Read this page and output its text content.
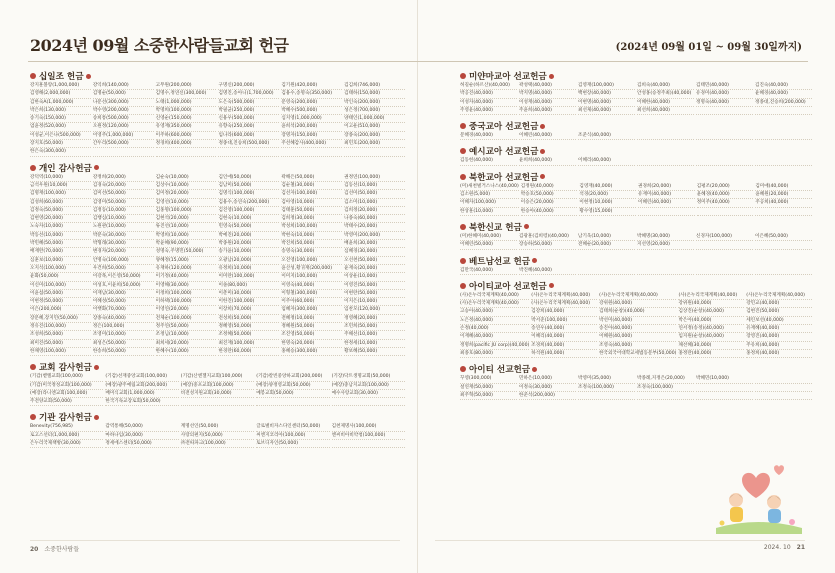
2024년 09월 소중한사람들교회 헌금	(2024년 09월 01일 ~ 09월 30일까지)
십일조 헌금
강지훈볼랑(1,000,000)	강익희(140,000)	고무원(200,000)	구명신(200,000)	김기원(420,000)	김김희(746,000)
김영해(2,000,000)	김명순(50,000)	김명수,정연신(300,000)	김명진,송아니(1,700,000)	김용수,송명숙(350,000)	김태하(150,000)
김한숙A(1,000,000)	나문선(300,000)	노태(1,000,000)	도은숙(500,000)	문영숙(200,000)	박인숙(200,000)
박은희(130,000)	박수영(200,000)	박명희(100,000)	박필균(250,000)	박혜수(500,000)	성은정(700,000)
송기숙(150,000)	송희통(500,000)	신영순(150,000)	신용우(500,000)	심지영(1,000,000)	양태인(1,000,000)
엄윤정(520,000)	오원정(120,000)	유영재(350,000)	유향숙(250,000)	윤희석(200,000)	이고운(510,000)
이성균,이은나(500,000)	이영주(1,000,000)	이주하(600,000)	임나라(600,000)	장명자(150,000)	장종숙(200,000)
장지호(50,000)	간두리(500,000)	정경희(400,000)	정종대,진승희(500,000)	주선혜감사(400,000)	최민호(200,000)
한은숙(300,000)
개인 감사헌금
강덕역(10,000)	강정희(20,000)	김순숙(10,000)	김인애(50,000)	곽해은(50,000)	권정연(100,000)
금석우원(10,000)	김경숙(20,000)	김상수(10,000)	김남미(50,000)	김순철(30,000)	김동선(10,000)
김명재(100,000)	김미선(50,000)	김미정(20,000)	김명식(100,000)	김선자(100,000)	김선미(50,000)
김성희(60,000)	김영미(50,000)	김영선(10,000)	김용수,송연숙(200,000)	김아영(10,000)	김소미(10,000)
김정숙(50,000)	김정동(10,000)	김홍명(100,000)	김진영(100,000)	김태훈(50,000)	김희정(20,000)
김현영(20,000)	김행심(10,000)	김현석(20,000)	김현숙(10,000)	김희정(30,000)	나종숙(60,000)
노숙자(10,000)	노원관(10,000)	류진선(10,000)	민영숙(50,000)	박성희(100,000)	박태수(20,000)
박동선(10,000)	박분숙(30,000)	박영희(10,000)	박예진(20,000)	박현숙(10,000)	박영미(200,000)
박민혜(50,000)	박형래(30,000)	박윤혜(90,000)	박종원(20,000)	박진희(50,000)	배윤희(30,000)
배재완(70,000)	변경자(20,000)	성명숙,주명민(50,000)	송가윤(10,000)	송명숙(30,000)	심혜경(30,000)
심훈보(10,000)	안명숙(100,000)	양혜정(15,000)	오광남(20,000)	오진영(100,000)	오선천(50,000)
오지석(100,000)	우건희(50,000)	유재하(120,000)	유정희(10,000)	윤산성,황귀재(200,000)	윤재숙(20,000)
윤화(50,000)	이강목,이은영(50,000)	이기정(40,000)	이미란(100,000)	이미지(100,000)	이상운(10,000)
이신미(100,000)	이성호,이윤희(50,000)	이영해(30,000)	이솔(80,000)	이영숙(40,000)	이영진(50,000)
이윤섭(50,000)	이재남(30,000)	이정희(100,000)	이춘미(30,000)	이형철(300,000)	이현란(50,000)
이현정(50,000)	이혜성(50,000)	이하택(100,000)	이한진(100,000)	이주아(60,000)	이지은(10,000)
이은(200,000)	이햇화(70,000)	이영연(20,000)	이장희(70,000)	임혜자(300,000)	임찬모(120,000)
장문혜,장지민(50,000)	장종숙(40,000)	전제순(100,000)	전성희(50,000)	전혜정(10,000)	정영혜(20,000)
정유진(100,000)	정은(100,000)	정주연(50,000)	정혜영(50,000)	정혜원(50,000)	조민희(50,000)
조성희(50,000)	조영미(10,000)	조정님(10,000)	조정혜(50,000)	조진영(50,000)	주해선(10,000)
최미진(50,000)	최성은(50,000)	최희세(20,000)	최진재(100,000)	한명숙(20,000)	한정세(10,000)
한채영(100,000)	한송희(50,000)	한혜수(10,000)	한경란(60,000)	홍혜승(300,000)	황보혜(50,000)
교회 감사헌금
(기감)벧엘교회(100,000)	(기감)선재중앙교회(100,000)	(기감)산엔젤지교회(100,000)	(기감)칼빈중앙하교회(200,000)	(기장)닥트생명교회(50,000)
(기감)미국정성교회(100,000)	(예장)광주예림교회(200,000)	(예장)중포교회(100,000)	(예장)양정영교회(50,000)	(예장)충남지교회(100,000)
(예장)라니엔교회(100,000)	배미식교회(1,000,000)	비전성지원교회(30,000)	예봉교회(50,000)	예수사랑교회(30,000)
주전양교회(50,000)	한국기독교장로회(50,000)
기관 감사헌금
Benevity(756,985)	감역통해(50,000)	계명선인(50,000)	글로벌비자스다인센터(50,000)	김천제명사(100,000)
로고스선터(1,000,000)	마하나임(30,000)	사랑의편지(50,000)	씨엔지코리아(100,000)	엔씨비아비약청(100,000)
은누리국제책방(30,000)	정세에스센터(50,000)	㈜전따파크(100,000)	토브디자인(50,000)
미얀마교아 선교헌금
허길순(하르산)(40,000)	곽성택(40,000)	김영재(100,000)	김희숙(40,000)	김태민(40,000)	김진숙(40,000)
박공진(40,000)	박지명(40,000)	백현장(40,000)	안성홍(승정주최)(40,000)	유경미(40,000)	윤혜경(40,000)
이성자(40,000)	이성재(40,000)	이현명(40,000)	이혜한(40,000)	정명숙(40,000)	정종대,진승희(200,000)
주영윤(40,000)	주윤희(40,000)	최선제(40,000)	최선희(40,000)
중국교아 선교헌금
문혜경(40,000)	이혜린(40,000)	조준식(40,000)
예시교아 선교헌금
김동헌(40,000)	윤희희(40,000)	이혜리(40,000)
북한교아 선교헌금
(미)새천벌거스나스(40,000) 김정원(40,000)	김영재(40,000)	권경희(20,000)	김평조(20,000)	김미애(40,000)
김소원(5,000)	박승호(50,000)	석경(20,000)	유재미(40,000)	윤혜경(40,000)	윤혜원(20,000)
이혜자(100,000)	이승은(20,000)	이현정(10,000)	이혜린(40,000)	정미주(40,000)	주공희(40,000)
한상훈(10,000)	한승아(40,000)	황수영(15,000)
북한신교 헌금
(미)한혜미(40,000)	김광훈(김희령)(40,000)	남기욱(10,000)	박혜명(30,000)	신경자(100,000)	이은혜(50,000)
이혜린(50,000)	장승하(50,000)	전혜순(20,000)	지선영(20,000)
베트남선교 헌금
김만국(40,000)	박진혜(40,000)
아이티교아 선교헌금
(사)온누리국제계획(40,000)	(사)온누리국제계획(40,000)	(사)온누리국제계획(40,000)	(사)온누리국제계획(40,000)	(사)온누리국제계획(40,000)
(사)온누리국제계획(40,000)	(사)온누리국제계획(40,000)	강위원(40,000)	강위원(40,000)	강민교(40,000)
고승아(40,000)	김강희(40,000)	김태희(순창)(40,000)	김상진(순창)(40,000)	김현진(50,000)
노은정(40,000)	박서준(100,000)	박선미(40,000)	박은아(40,000)	세린보선(40,000)
손정(40,000)	송연우(40,000)	송진아(40,000)	연서정(송정)(40,000)	유재혜(40,000)
이재혜(40,000)	이혜리(40,000)	이혜원(40,000)	임지원(순창)(40,000)	장영진(40,000)
정명희(pacific JU corp)(40,000) 조경희(40,000)	조영숙(40,000)	채선혜(30,000)	주유희(40,000)
최종호(80,000)	하석원(40,000)	한국외국어대학교세법동문부(50,000) 홍정란(40,000)	홍정희(40,000)
아이티 선교헌금
꾸영(300,000)	민하은(10,000)	박영미(35,000)	박종례,지정은(20,000)	박혜민(10,000)
설연재(50,000)	이정숙(30,000)	조정숙(100,000)	조경숙(100,000)
최주혁(50,000)	한준석(200,000)
20 소중한사람들	2024. 10 21
